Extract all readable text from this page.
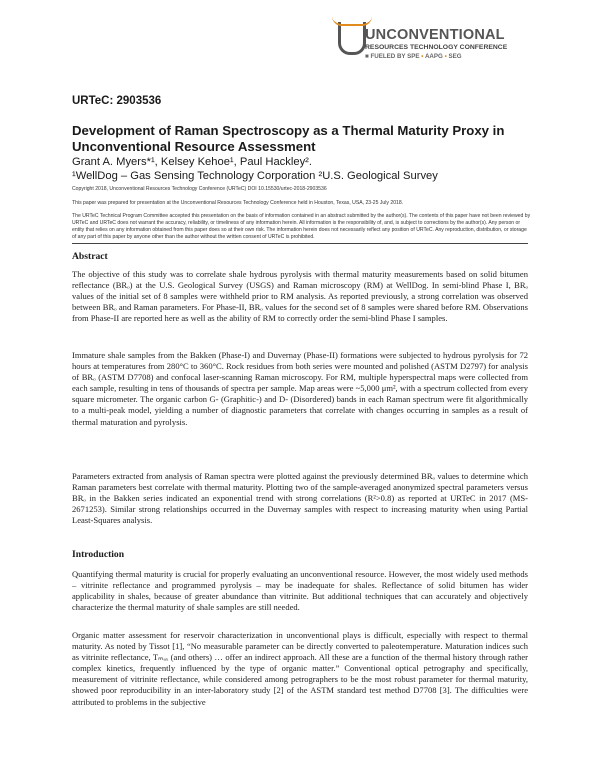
UNCONVENTIONAL
RESOURCES TECHNOLOGY CONFERENCE
■ FUELED BY SPE • AAPG • SEG
URTeC: 2903536
Development of Raman Spectroscopy as a Thermal Maturity Proxy in Unconventional Resource Assessment
Grant A. Myers*¹, Kelsey Kehoe¹, Paul Hackley².
¹WellDog – Gas Sensing Technology Corporation ²U.S. Geological Survey
Copyright 2018, Unconventional Resources Technology Conference (URTeC) DOI 10.15530/urtec-2018-2903536
This paper was prepared for presentation at the Unconventional Resources Technology Conference held in Houston, Texas, USA, 23-25 July 2018.
The URTeC Technical Program Committee accepted this presentation on the basis of information contained in an abstract submitted by the author(s). The contents of this paper have not been reviewed by URTeC and URTeC does not warrant the accuracy, reliability, or timeliness of any information herein. All information is the responsibility of, and, is subject to corrections by the author(s). Any person or entity that relies on any information obtained from this paper does so at their own risk. The information herein does not necessarily reflect any position of URTeC. Any reproduction, distribution, or storage of any part of this paper by anyone other than the author without the written consent of URTeC is prohibited.
Abstract

The objective of this study was to correlate shale hydrous pyrolysis with thermal maturity measurements based on solid bitumen reflectance (BRₒ) at the U.S. Geological Survey (USGS) and Raman microscopy (RM) at WellDog. In semi-blind Phase I, BRₒ values of the initial set of 8 samples were withheld prior to RM analysis. As reported previously, a strong correlation was observed between BRₒ and Raman parameters. For Phase-II, BRₒ values for the second set of 8 samples were shared before RM. Observations from Phase-II are reported here as well as the ability of RM to correctly order the semi-blind Phase I samples.

Immature shale samples from the Bakken (Phase-I) and Duvernay (Phase-II) formations were subjected to hydrous pyrolysis for 72 hours at temperatures from 280°C to 360°C. Rock residues from both series were mounted and polished (ASTM D2797) for analysis of BRₒ (ASTM D7708) and confocal laser-scanning Raman microscopy. For RM, multiple hyperspectral maps were collected from each sample, resulting in tens of thousands of spectra per sample. Map areas were ~5,000 μm², with a spectrum collected from every square micrometer. The organic carbon G- (Graphitic-) and D- (Disordered) bands in each Raman spectrum were fit algorithmically to a multi-peak model, yielding a number of diagnostic parameters that correlate with changes occurring in samples as a result of thermal maturation and pyrolysis.

Parameters extracted from analysis of Raman spectra were plotted against the previously determined BRₒ values to determine which Raman parameters best correlate with thermal maturity. Plotting two of the sample-averaged anonymized spectral parameters versus BRₒ in the Bakken series indicated an exponential trend with strong correlations (R²>0.8) as reported at URTeC in 2017 (MS-2671253). Similar strong relationships occurred in the Duvernay samples with respect to increasing maturity when using Partial Least-Squares analysis.

Introduction

Quantifying thermal maturity is crucial for properly evaluating an unconventional resource. However, the most widely used methods – vitrinite reflectance and programmed pyrolysis – may be inadequate for shales. Reflectance of solid bitumen has wider applicability in shales, because of greater abundance than vitrinite. But additional techniques that can accurately and objectively characterize the thermal maturity of shale samples are still needed.

Organic matter assessment for reservoir characterization in unconventional plays is difficult, especially with respect to thermal maturity. As noted by Tissot [1], “No measurable parameter can be directly converted to paleotemperature. Maturation indices such as vitrinite reflectance, Tₘₐₓ (and others) … offer an indirect approach. All these are a function of the thermal history through rather complex kinetics, frequently influenced by the type of organic matter.” Conventional optical petrography and specifically, measurement of vitrinite reflectance, while considered among petrographers to be the most robust parameter for thermal maturity, showed poor reproducibility in an inter-laboratory study [2] of the ASTM standard test method D7708 [3]. The difficulties were attributed to problems in the subjective
